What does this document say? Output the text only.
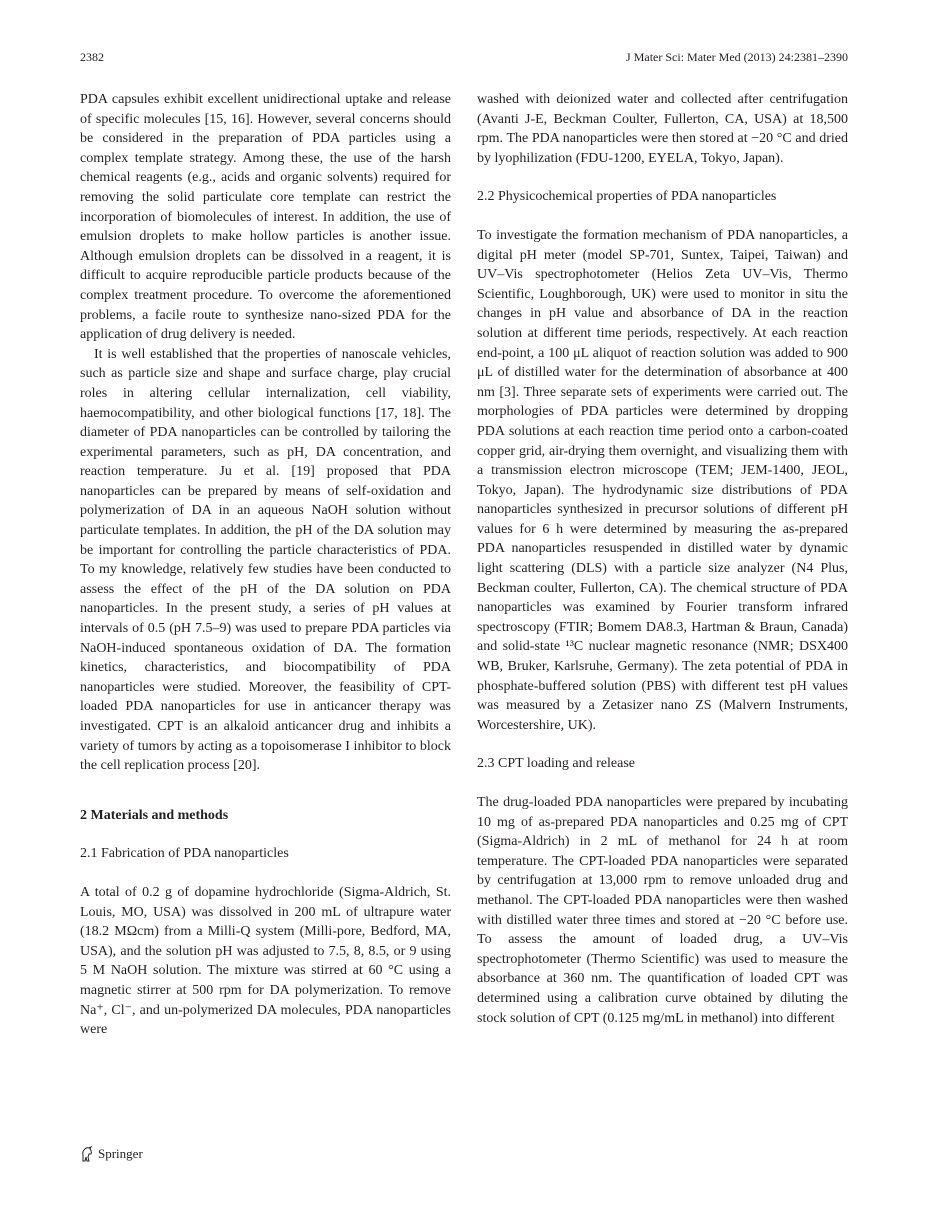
2382	J Mater Sci: Mater Med (2013) 24:2381–2390

PDA capsules exhibit excellent unidirectional uptake and release of specific molecules [15, 16]. However, several concerns should be considered in the preparation of PDA particles using a complex template strategy. Among these, the use of the harsh chemical reagents (e.g., acids and organic solvents) required for removing the solid particulate core template can restrict the incorporation of biomolecules of interest. In addition, the use of emulsion droplets to make hollow particles is another issue. Although emulsion droplets can be dissolved in a reagent, it is difficult to acquire reproducible particle products because of the complex treatment procedure. To overcome the aforementioned problems, a facile route to synthesize nano-sized PDA for the application of drug delivery is needed.

It is well established that the properties of nanoscale vehicles, such as particle size and shape and surface charge, play crucial roles in altering cellular internalization, cell viability, haemocompatibility, and other biological functions [17, 18]. The diameter of PDA nanoparticles can be controlled by tailoring the experimental parameters, such as pH, DA concentration, and reaction temperature. Ju et al. [19] proposed that PDA nanoparticles can be prepared by means of self-oxidation and polymerization of DA in an aqueous NaOH solution without particulate templates. In addition, the pH of the DA solution may be important for controlling the particle characteristics of PDA. To my knowledge, relatively few studies have been conducted to assess the effect of the pH of the DA solution on PDA nanoparticles. In the present study, a series of pH values at intervals of 0.5 (pH 7.5–9) was used to prepare PDA particles via NaOH-induced spontaneous oxidation of DA. The formation kinetics, characteristics, and biocompatibility of PDA nanoparticles were studied. Moreover, the feasibility of CPT-loaded PDA nanoparticles for use in anticancer therapy was investigated. CPT is an alkaloid anticancer drug and inhibits a variety of tumors by acting as a topoisomerase I inhibitor to block the cell replication process [20].

2 Materials and methods

2.1 Fabrication of PDA nanoparticles

A total of 0.2 g of dopamine hydrochloride (Sigma-Aldrich, St. Louis, MO, USA) was dissolved in 200 mL of ultrapure water (18.2 MΩcm) from a Milli-Q system (Milli-pore, Bedford, MA, USA), and the solution pH was adjusted to 7.5, 8, 8.5, or 9 using 5 M NaOH solution. The mixture was stirred at 60 °C using a magnetic stirrer at 500 rpm for DA polymerization. To remove Na⁺, Cl⁻, and un-polymerized DA molecules, PDA nanoparticles were

washed with deionized water and collected after centrifugation (Avanti J-E, Beckman Coulter, Fullerton, CA, USA) at 18,500 rpm. The PDA nanoparticles were then stored at −20 °C and dried by lyophilization (FDU-1200, EYELA, Tokyo, Japan).

2.2 Physicochemical properties of PDA nanoparticles

To investigate the formation mechanism of PDA nanoparticles, a digital pH meter (model SP-701, Suntex, Taipei, Taiwan) and UV–Vis spectrophotometer (Helios Zeta UV–Vis, Thermo Scientific, Loughborough, UK) were used to monitor in situ the changes in pH value and absorbance of DA in the reaction solution at different time periods, respectively. At each reaction end-point, a 100 μL aliquot of reaction solution was added to 900 μL of distilled water for the determination of absorbance at 400 nm [3]. Three separate sets of experiments were carried out. The morphologies of PDA particles were determined by dropping PDA solutions at each reaction time period onto a carbon-coated copper grid, air-drying them overnight, and visualizing them with a transmission electron microscope (TEM; JEM-1400, JEOL, Tokyo, Japan). The hydrodynamic size distributions of PDA nanoparticles synthesized in precursor solutions of different pH values for 6 h were determined by measuring the as-prepared PDA nanoparticles resuspended in distilled water by dynamic light scattering (DLS) with a particle size analyzer (N4 Plus, Beckman coulter, Fullerton, CA). The chemical structure of PDA nanoparticles was examined by Fourier transform infrared spectroscopy (FTIR; Bomem DA8.3, Hartman & Braun, Canada) and solid-state ¹³C nuclear magnetic resonance (NMR; DSX400 WB, Bruker, Karlsruhe, Germany). The zeta potential of PDA in phosphate-buffered solution (PBS) with different test pH values was measured by a Zetasizer nano ZS (Malvern Instruments, Worcestershire, UK).

2.3 CPT loading and release

The drug-loaded PDA nanoparticles were prepared by incubating 10 mg of as-prepared PDA nanoparticles and 0.25 mg of CPT (Sigma-Aldrich) in 2 mL of methanol for 24 h at room temperature. The CPT-loaded PDA nanoparticles were separated by centrifugation at 13,000 rpm to remove unloaded drug and methanol. The CPT-loaded PDA nanoparticles were then washed with distilled water three times and stored at −20 °C before use. To assess the amount of loaded drug, a UV–Vis spectrophotometer (Thermo Scientific) was used to measure the absorbance at 360 nm. The quantification of loaded CPT was determined using a calibration curve obtained by diluting the stock solution of CPT (0.125 mg/mL in methanol) into different

Springer
